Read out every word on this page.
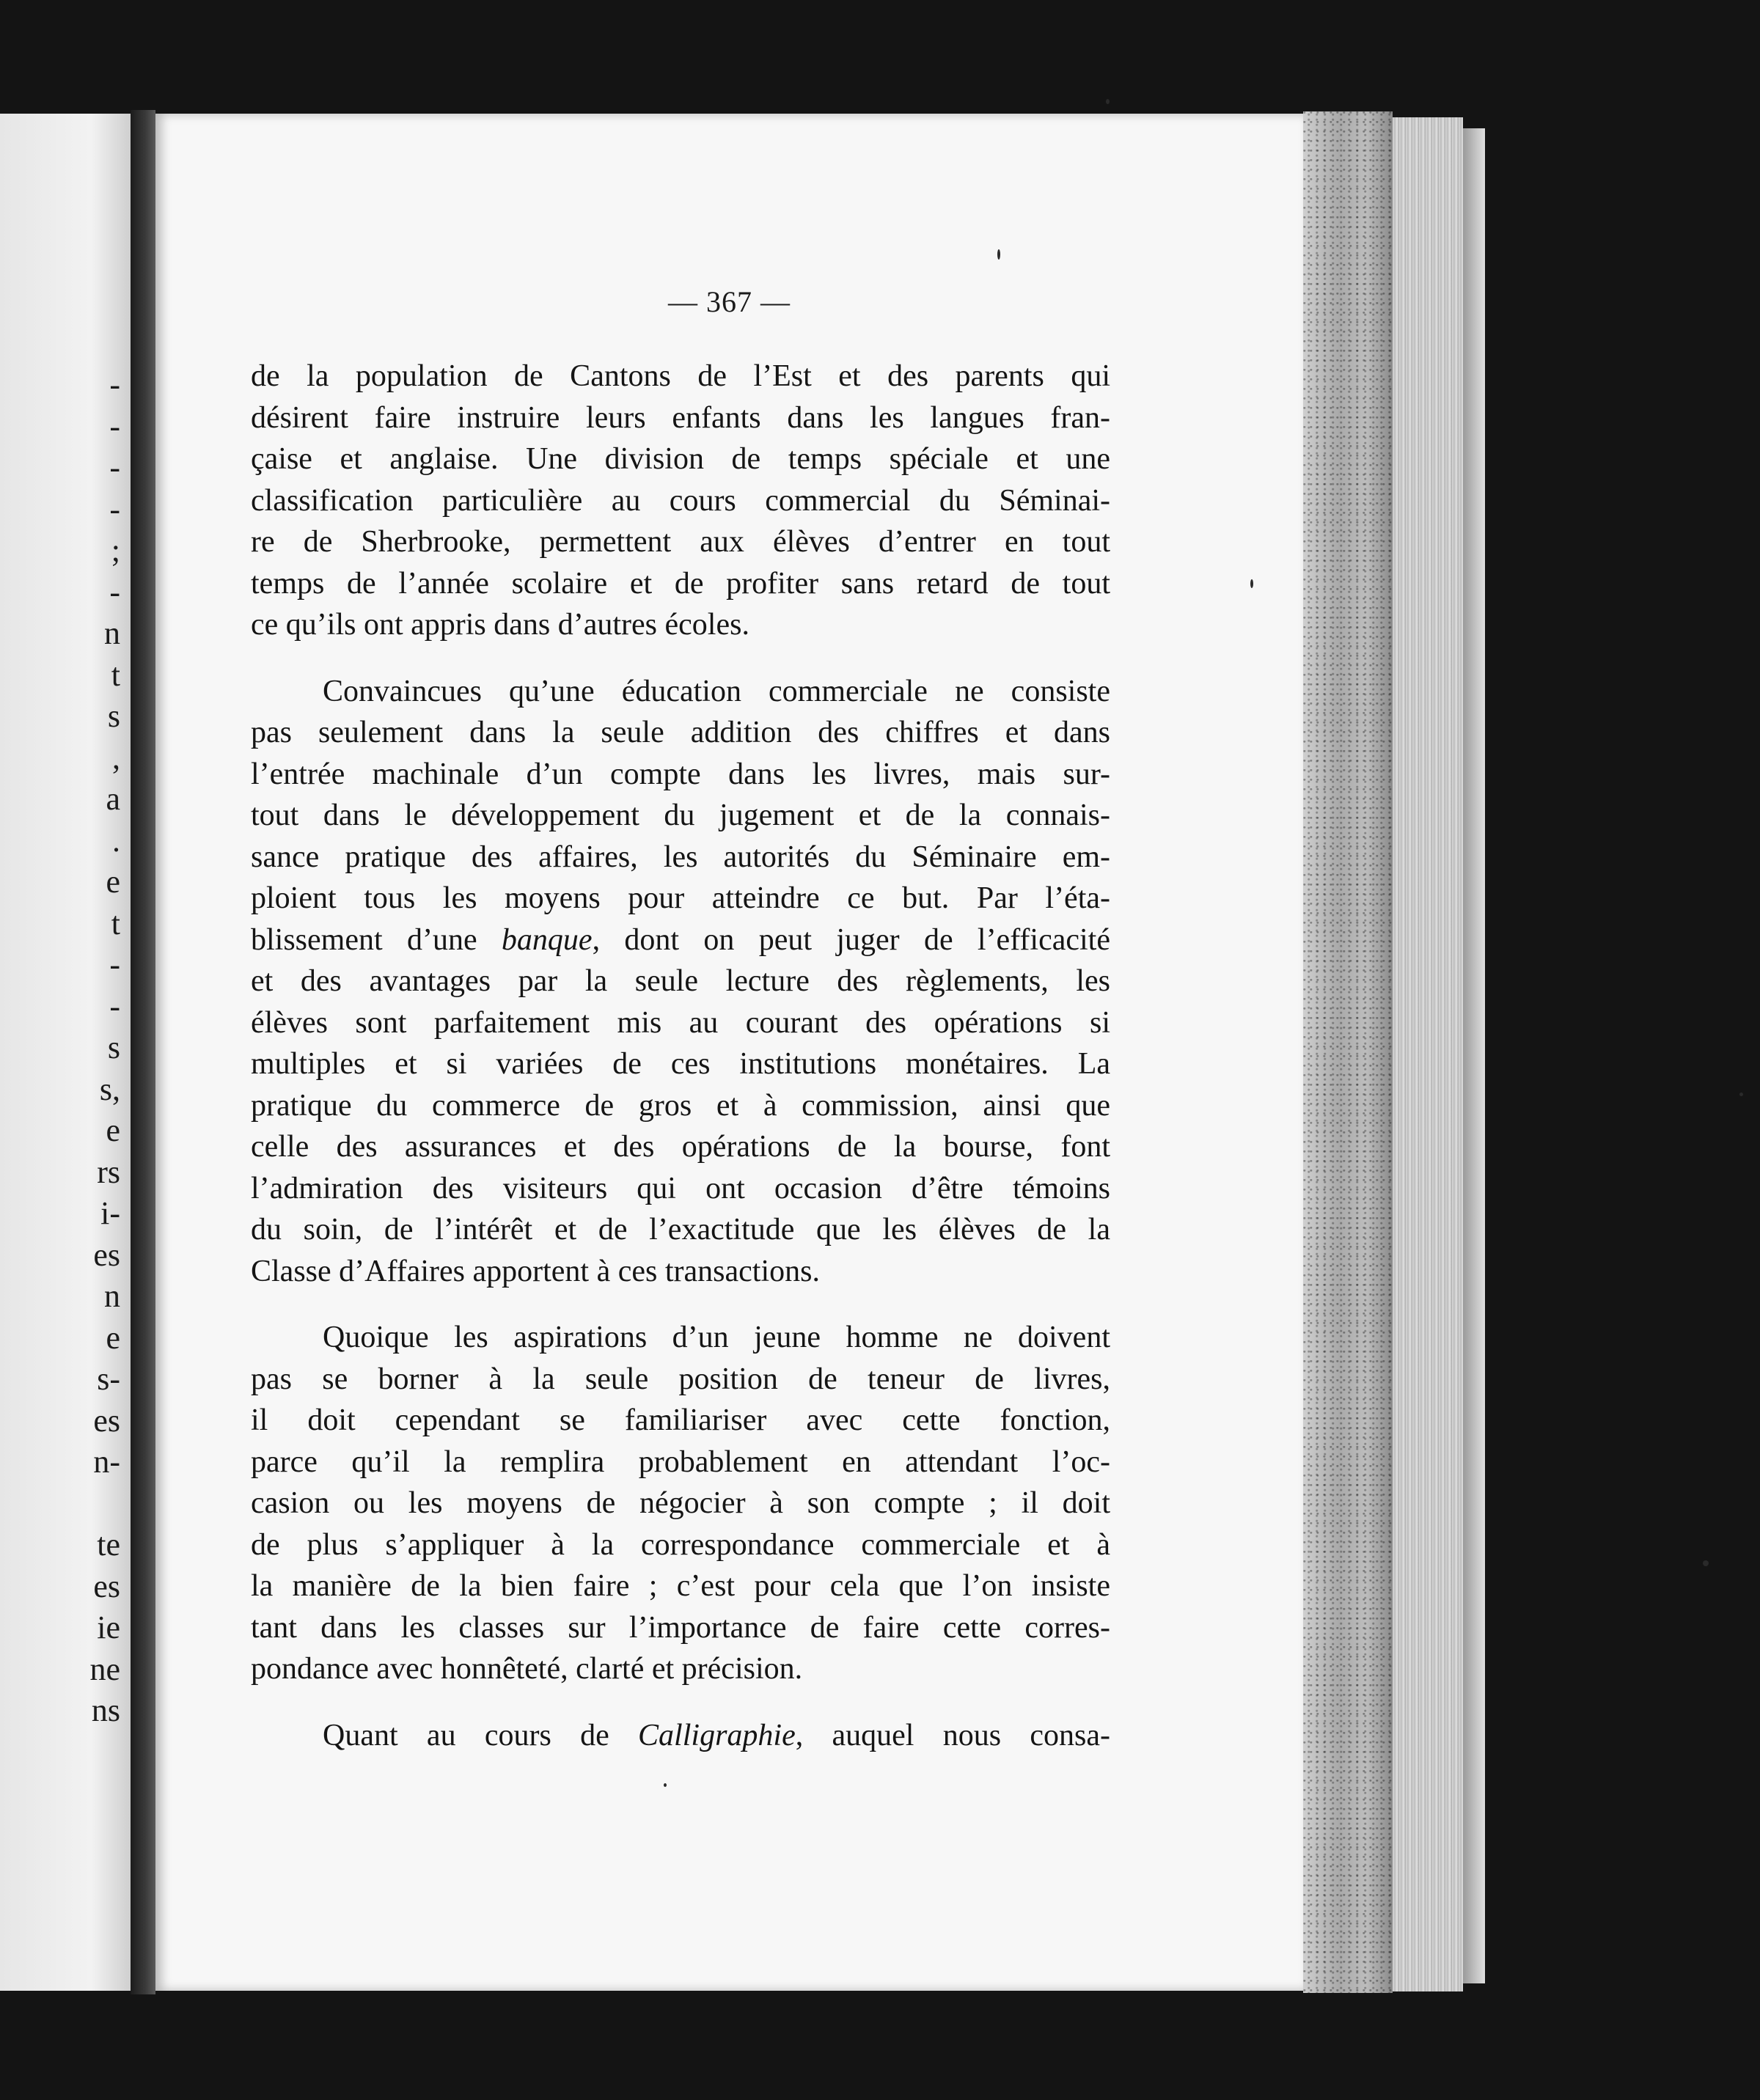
-
-
-
-
;
-
n
t
s
,
a
.
e
t
-
-
s
s,
e
rs
i-
es
n
e
s-
es
n-
te
es
ie
ne
ns
— 367 —

de la population de Cantons de l’Est et des parents qui
désirent faire instruire leurs enfants dans les langues fran-
çaise et anglaise. Une division de temps spéciale et une
classification particulière au cours commercial du Séminai-
re de Sherbrooke, permettent aux élèves d’entrer en tout
temps de l’année scolaire et de profiter sans retard de tout
ce qu’ils ont appris dans d’autres écoles.

Convaincues qu’une éducation commerciale ne consiste
pas seulement dans la seule addition des chiffres et dans
l’entrée machinale d’un compte dans les livres, mais sur-
tout dans le développement du jugement et de la connais-
sance pratique des affaires, les autorités du Séminaire em-
ploient tous les moyens pour atteindre ce but. Par l’éta-
blissement d’une banque, dont on peut juger de l’efficacité
et des avantages par la seule lecture des règlements, les
élèves sont parfaitement mis au courant des opérations si
multiples et si variées de ces institutions monétaires. La
pratique du commerce de gros et à commission, ainsi que
celle des assurances et des opérations de la bourse, font
l’admiration des visiteurs qui ont occasion d’être témoins
du soin, de l’intérêt et de l’exactitude que les élèves de la
Classe d’Affaires apportent à ces transactions.

Quoique les aspirations d’un jeune homme ne doivent
pas se borner à la seule position de teneur de livres,
il doit cependant se familiariser avec cette fonction,
parce qu’il la remplira probablement en attendant l’oc-
casion ou les moyens de négocier à son compte ; il doit
de plus s’appliquer à la correspondance commerciale et à
la manière de la bien faire ; c’est pour cela que l’on insiste
tant dans les classes sur l’importance de faire cette corres-
pondance avec honnêteté, clarté et précision.

Quant au cours de Calligraphie, auquel nous consa-
